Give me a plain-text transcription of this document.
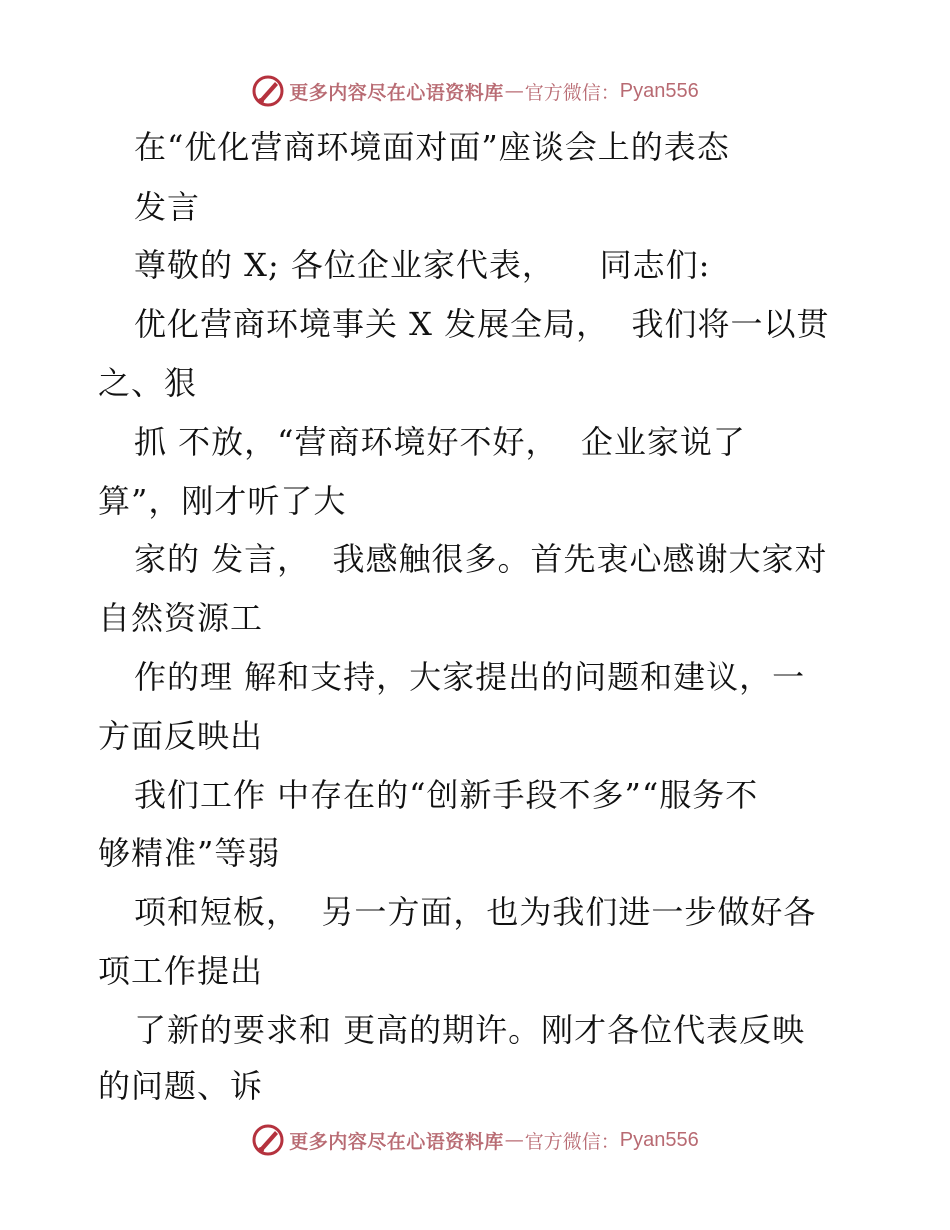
更多内容尽在心语资料库 — 官方微信： Pyan556
在“优化营商环境面对面”座谈会上的表态
发言
尊敬的 X; 各位企业家代表，    同志们:
优化营商环境事关 X 发展全局，  我们将一以贯
之、狠
抓 不放，“营商环境好不好，  企业家说了
算”，刚才听了大
家的 发言，  我感触很多。首先衷心感谢大家对
自然资源工
作的理 解和支持，大家提出的问题和建议，一
方面反映出
我们工作 中存在的“创新手段不多”“服务不
够精准”等弱
项和短板，  另一方面，也为我们进一步做好各
项工作提出
了新的要求和 更高的期许。刚才各位代表反映
的问题、诉
更多内容尽在心语资料库 — 官方微信： Pyan556
